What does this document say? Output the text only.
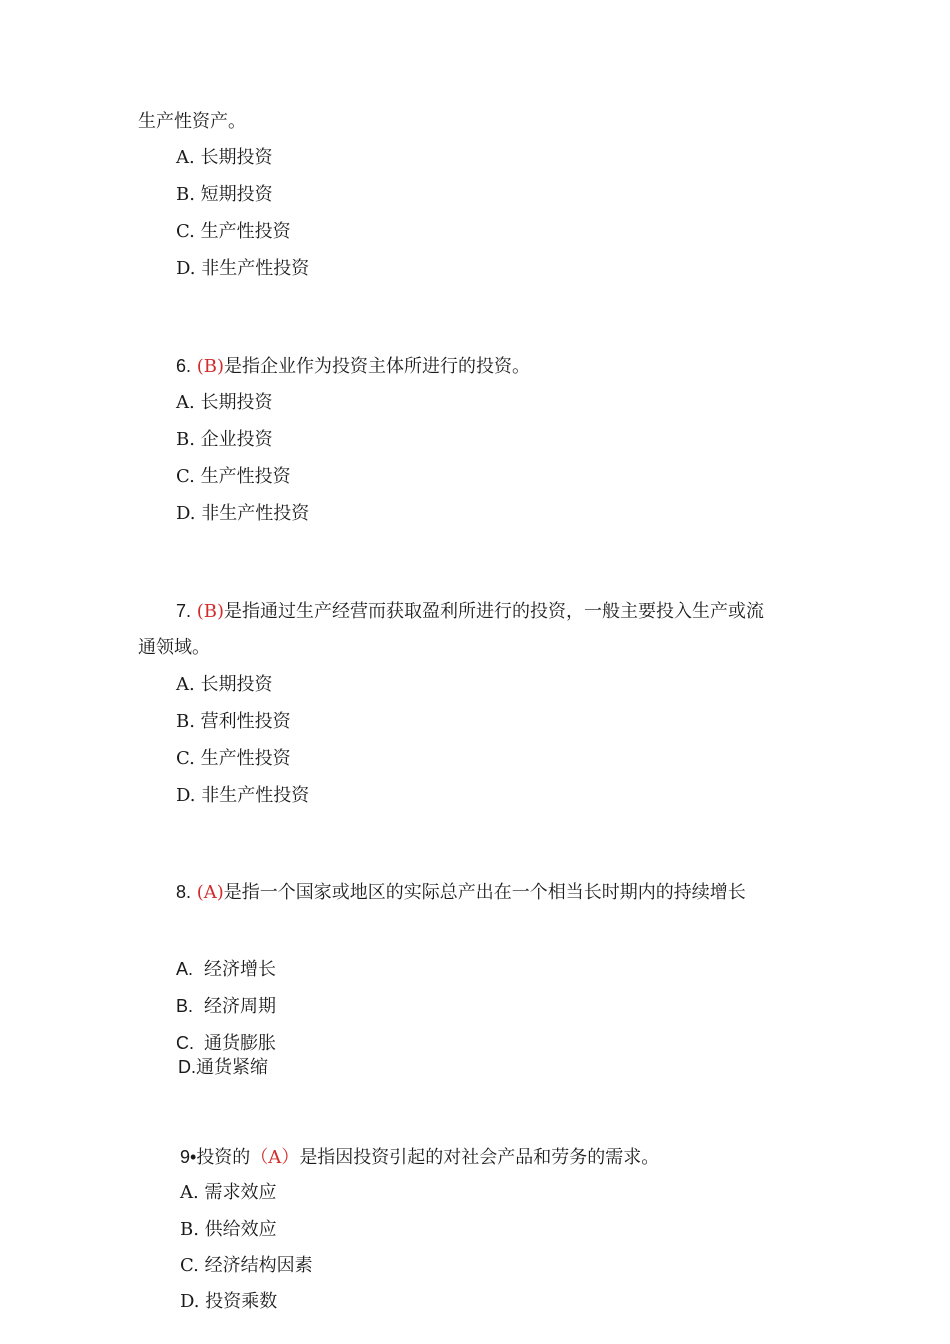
生产性资产。
A. 长期投资
B. 短期投资
C. 生产性投资
D. 非生产性投资
6. (B)是指企业作为投资主体所进行的投资。
A. 长期投资
B. 企业投资
C. 生产性投资
D. 非生产性投资
7. (B)是指通过生产经营而获取盈利所进行的投资，一般主要投入生产或流
通领域。
A. 长期投资
B. 营利性投资
C. 生产性投资
D. 非生产性投资
8. (A)是指一个国家或地区的实际总产出在一个相当长时期内的持续增长
A. 经济增长
B. 经济周期
C. 通货膨胀
D.通货紧缩
9•投资的（A）是指因投资引起的对社会产品和劳务的需求。
A. 需求效应
B. 供给效应
C. 经济结构因素
D. 投资乘数
